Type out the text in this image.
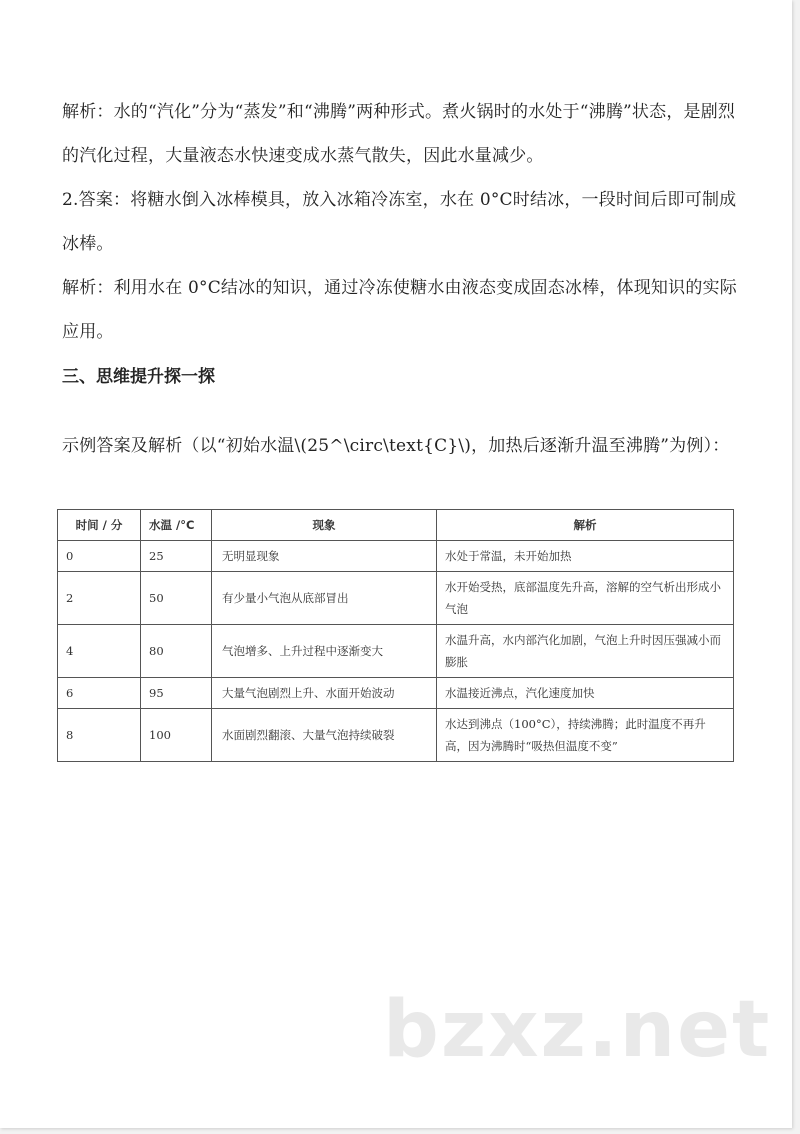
解析：水的“汽化”分为“蒸发”和“沸腾”两种形式。煮火锅时的水处于“沸腾”状态，是剧烈的汽化过程，大量液态水快速变成水蒸气散失，因此水量减少。

2.答案：将糖水倒入冰棒模具，放入冰箱冷冻室，水在 0°C时结冰，一段时间后即可制成冰棒。

解析：利用水在 0°C结冰的知识，通过冷冻使糖水由液态变成固态冰棒，体现知识的实际应用。

三、思维提升探一探

示例答案及解析（以“初始水温\(25^\circ\text{C}\)，加热后逐渐升温至沸腾”为例）：

时间 / 分	水温 /°C	现象	解析
0	25	无明显现象	水处于常温，未开始加热
2	50	有少量小气泡从底部冒出	水开始受热，底部温度先升高，溶解的空气析出形成小气泡
4	80	气泡增多、上升过程中逐渐变大	水温升高，水内部汽化加剧，气泡上升时因压强减小而膨胀
6	95	大量气泡剧烈上升、水面开始波动	水温接近沸点，汽化速度加快
8	100	水面剧烈翻滚、大量气泡持续破裂	水达到沸点（100°C），持续沸腾；此时温度不再升高，因为沸腾时“吸热但温度不变”
bzxz.net
